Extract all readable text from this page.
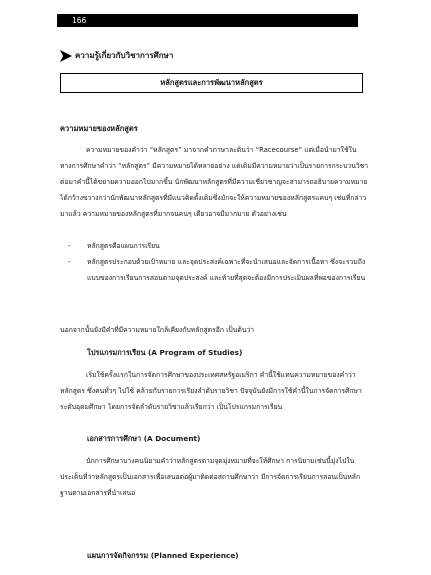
166
ความรู้เกี่ยวกับวิชาการศึกษา
หลักสูตรและการพัฒนาหลักสูตร
ความหมายของหลักสูตร

ความหมายของคำว่า “หลักสูตร” มาจากคำภาษาละตินว่า “Racecourse” แต่เมื่อนำมาใช้ในทางการศึกษาคำว่า “หลักสูตร” มีความหมายได้หลายอย่าง แต่เดิมมีความหมายว่าเป็นรายการกระบวนวิชาต่อมาคำนี้ได้ขยายความออกไปมากขึ้น นักพัฒนาหลักสูตรที่มีความเชี่ยวชาญจะสามารถอธิบายความหมายได้กว้างขวางกว่านักพัฒนาหลักสูตรที่มีแนวคิดดั้งเดิมซึ่งมักจะให้ความหมายของหลักสูตรแคบๆ เช่นที่กล่าวมาแล้ว ความหมายของหลักสูตรที่มากจนคนๆ เดียวอาจมีมากมาย ตัวอย่างเช่น

- หลักสูตรคือแผนการเรียน
- หลักสูตรประกอบด้วยเป้าหมาย และจุดประสงค์เฉพาะที่จะนำเสนอและจัดการเนื้อหา ซึ่งจะรวมถึงแบบของการเรียนการสอนตามจุดประสงค์ และท้ายที่สุดจะต้องมีการประเมินผลที่พอของการเรียน

นอกจากนั้นยังมีคำที่มีความหมายใกล้เคียงกับหลักสูตรอีก เป็นต้นว่า

โปรแกรมการเรียน (A Program of Studies)

เริ่มใช้ครั้งแรกในการจัดการศึกษาของประเทศสหรัฐอเมริกา คำนี้ใช้แทนความหมายของคำว่าหลักสูตร ซึ่งคนทั่วๆ ไปใช้ คล้ายกับรายการเรียงลำดับรายวิชา ปัจจุบันยังมีการใช้คำนี้ในการจัดการศึกษาระดับอุดมศึกษา โดยการจัดลำดับรายวิชาแล้วเรียกว่า เป็นโปรแกรมการเรียน

เอกสารการศึกษา (A Document)

นักการศึกษาบางคนนิยามคำว่าหลักสูตรตามจุดมุ่งหมายที่จะให้ศึกษา การนิยามเช่นนี้มุ่งไปในประเด็นที่ว่าหลักสูตรเป็นเอกสารเพื่อเสนอต่อผู้มาติดต่อสถานศึกษาว่า มีการจัดการเรียนการสอนเป็นหลักฐานตามเอกสารที่นำเสนอ

แผนการจัดกิจกรรม (Planned Experience)
